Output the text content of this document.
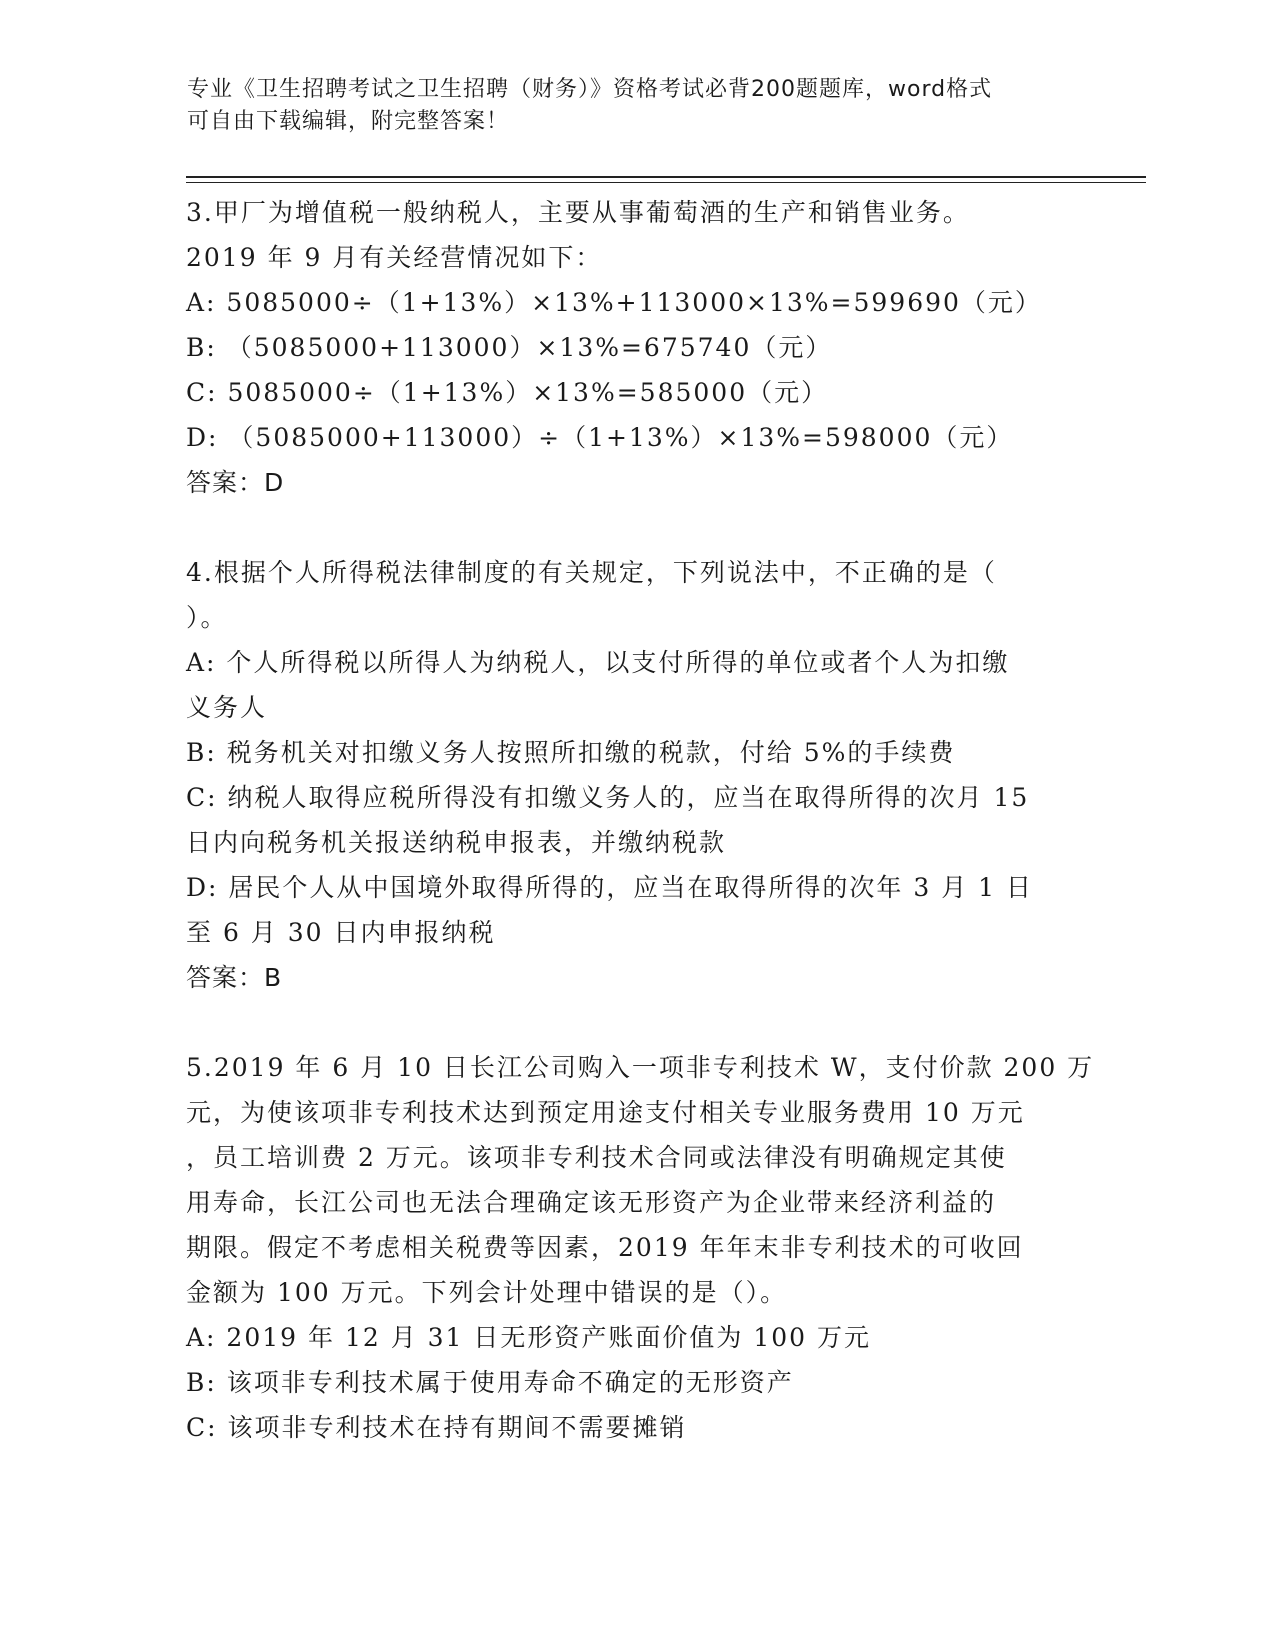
专业《卫生招聘考试之卫生招聘（财务）》资格考试必背200题题库，word格式
可自由下载编辑，附完整答案！
3.甲厂为增值税一般纳税人，主要从事葡萄酒的生产和销售业务。
2019 年 9 月有关经营情况如下：
A: 5085000÷（1+13%）×13%+113000×13%=599690（元）
B: （5085000+113000）×13%=675740（元）
C: 5085000÷（1+13%）×13%=585000（元）
D: （5085000+113000）÷（1+13%）×13%=598000（元）
答案：D
4.根据个人所得税法律制度的有关规定，下列说法中，不正确的是（
）。
A: 个人所得税以所得人为纳税人，以支付所得的单位或者个人为扣缴
义务人
B: 税务机关对扣缴义务人按照所扣缴的税款，付给 5%的手续费
C: 纳税人取得应税所得没有扣缴义务人的，应当在取得所得的次月 15
日内向税务机关报送纳税申报表，并缴纳税款
D: 居民个人从中国境外取得所得的，应当在取得所得的次年 3 月 1 日
至 6 月 30 日内申报纳税
答案：B
5.2019 年 6 月 10 日长江公司购入一项非专利技术 W，支付价款 200 万
元，为使该项非专利技术达到预定用途支付相关专业服务费用 10 万元
，员工培训费 2 万元。该项非专利技术合同或法律没有明确规定其使
用寿命，长江公司也无法合理确定该无形资产为企业带来经济利益的
期限。假定不考虑相关税费等因素，2019 年年末非专利技术的可收回
金额为 100 万元。下列会计处理中错误的是（）。
A: 2019 年 12 月 31 日无形资产账面价值为 100 万元
B: 该项非专利技术属于使用寿命不确定的无形资产
C: 该项非专利技术在持有期间不需要摊销
